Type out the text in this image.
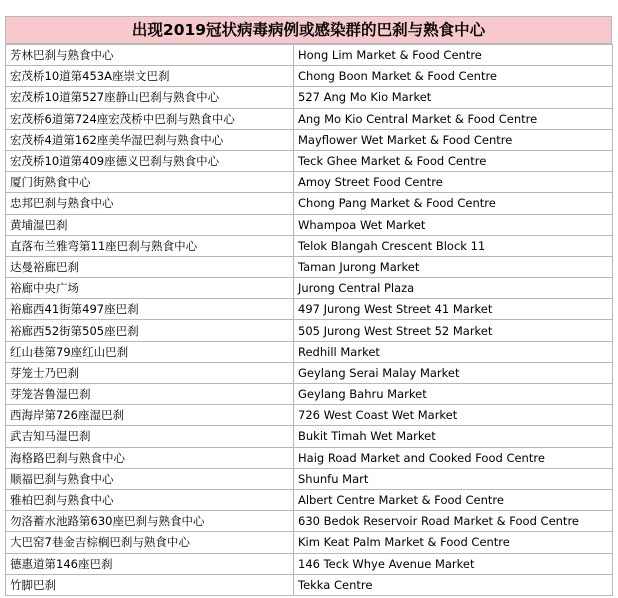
出现2019冠状病毒病例或感染群的巴刹与熟食中心
芳林巴刹与熟食中心	Hong Lim Market & Food Centre
宏茂桥10道第453A座崇文巴刹	Chong Boon Market & Food Centre
宏茂桥10道第527座静山巴刹与熟食中心	527 Ang Mo Kio Market
宏茂桥6道第724座宏茂桥中巴刹与熟食中心	Ang Mo Kio Central Market & Food Centre
宏茂桥4道第162座美华湿巴刹与熟食中心	Mayflower Wet Market & Food Centre
宏茂桥10道第409座德义巴刹与熟食中心	Teck Ghee Market & Food Centre
厦门街熟食中心	Amoy Street Food Centre
忠邦巴刹与熟食中心	Chong Pang Market & Food Centre
黄埔湿巴刹	Whampoa Wet Market
直落布兰雅弯第11座巴刹与熟食中心	Telok Blangah Crescent Block 11
达曼裕廊巴刹	Taman Jurong Market
裕廊中央广场	Jurong Central Plaza
裕廊西41街第497座巴刹	497 Jurong West Street 41 Market
裕廊西52街第505座巴刹	505 Jurong West Street 52 Market
红山巷第79座红山巴刹	Redhill Market
芽笼士乃巴刹	Geylang Serai Malay Market
芽笼峇鲁湿巴刹	Geylang Bahru Market
西海岸第726座湿巴刹	726 West Coast Wet Market
武吉知马湿巴刹	Bukit Timah Wet Market
海格路巴刹与熟食中心	Haig Road Market and Cooked Food Centre
顺福巴刹与熟食中心	Shunfu Mart
雅柏巴刹与熟食中心	Albert Centre Market & Food Centre
勿洛蓄水池路第630座巴刹与熟食中心	630 Bedok Reservoir Road Market & Food Centre
大巴窑7巷金吉棕榈巴刹与熟食中心	Kim Keat Palm Market & Food Centre
德惠道第146座巴刹	146 Teck Whye Avenue Market
竹脚巴刹	Tekka Centre
